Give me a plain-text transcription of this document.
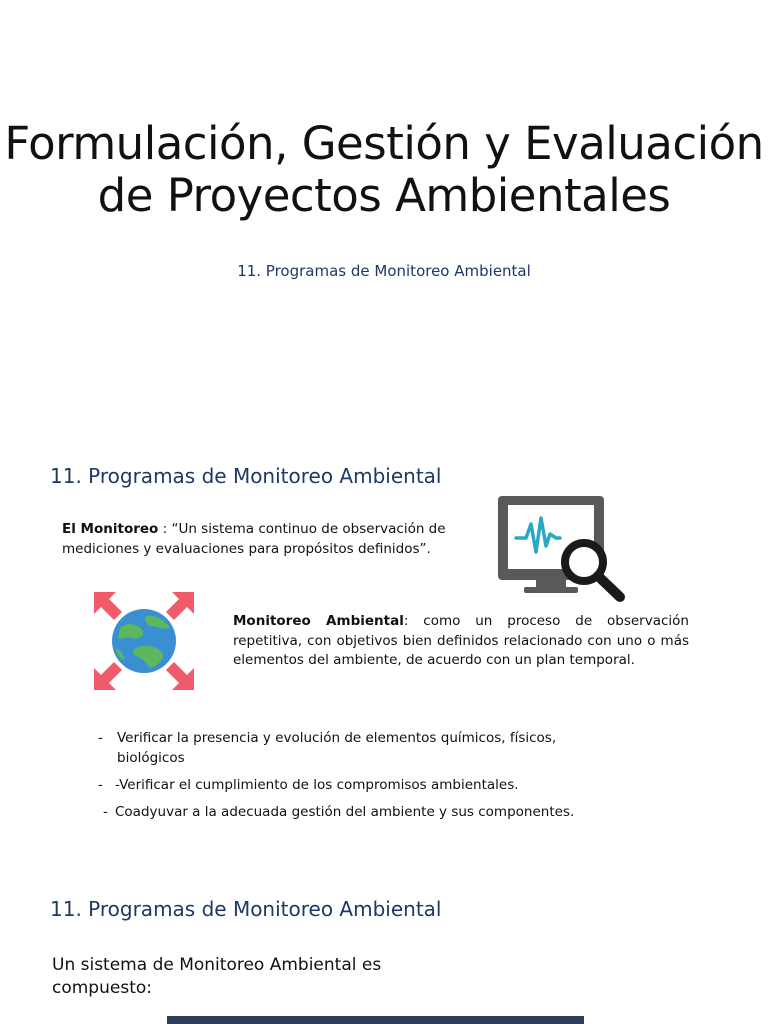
Formulación, Gestión y Evaluación
de Proyectos Ambientales
11. Programas de Monitoreo Ambiental
11. Programas de Monitoreo Ambiental
El Monitoreo : “Un sistema continuo de observación de mediciones y evaluaciones para propósitos definidos”.
Monitoreo Ambiental: como un proceso de observación repetitiva, con objetivos bien definidos relacionado con uno o más elementos del ambiente, de acuerdo con un plan temporal.
- Verificar la presencia y evolución de elementos químicos, físicos,
biológicos
- -Verificar el cumplimiento de los compromisos ambientales.
- Coadyuvar a la adecuada gestión del ambiente y sus componentes.
11. Programas de Monitoreo Ambiental
Un sistema de Monitoreo Ambiental es compuesto:
